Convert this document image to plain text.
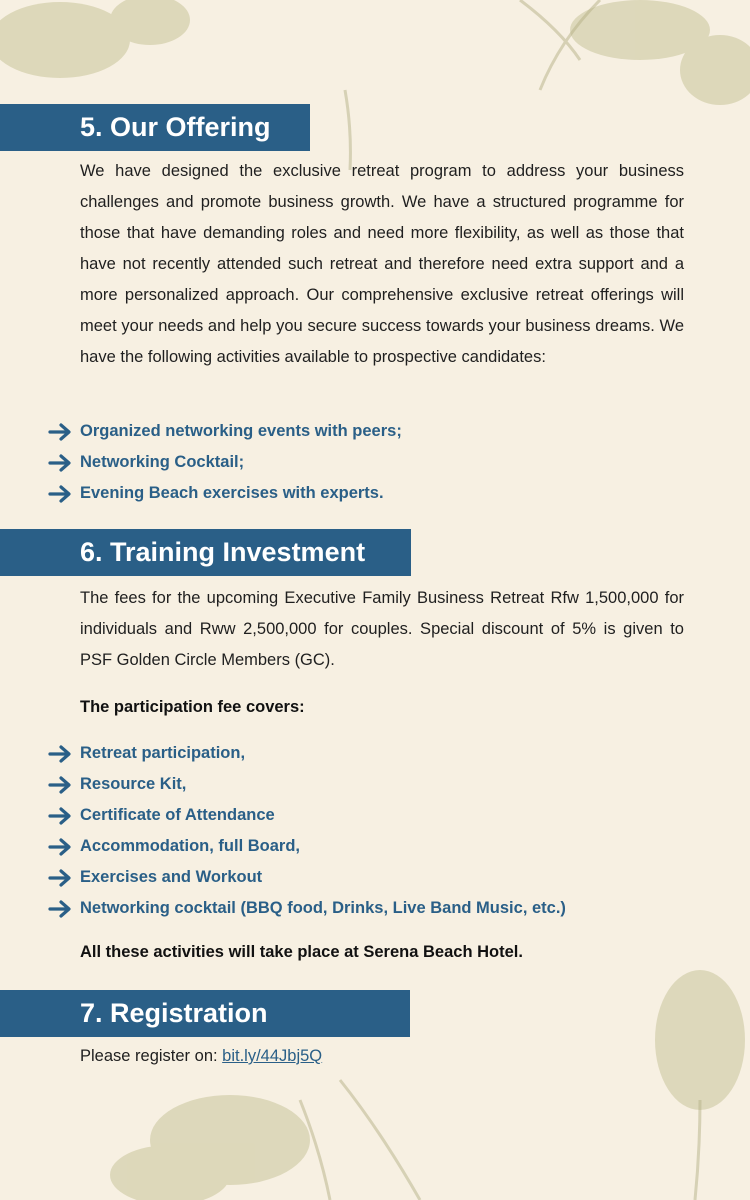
5. Our Offering

We have designed the exclusive retreat program to address your business challenges and promote business growth. We have a structured programme for those that have demanding roles and need more flexibility, as well as those that have not recently attended such retreat and therefore need extra support and a more personalized approach. Our comprehensive exclusive retreat offerings will meet your needs and help you secure success towards your business dreams. We have the following activities available to prospective candidates:

Organized networking events with peers;
Networking Cocktail;
Evening Beach exercises with experts.
6. Training Investment

The fees for the upcoming Executive Family Business Retreat Rfw 1,500,000 for individuals and Rww 2,500,000 for couples. Special discount of 5% is given to PSF Golden Circle Members (GC).

The participation fee covers:

Retreat participation,
Resource Kit,
Certificate of Attendance
Accommodation, full Board,
Exercises and Workout
Networking cocktail (BBQ food, Drinks, Live Band Music, etc.)

All these activities will take place at Serena Beach Hotel.

7. Registration

Please register on: bit.ly/44Jbj5Q
